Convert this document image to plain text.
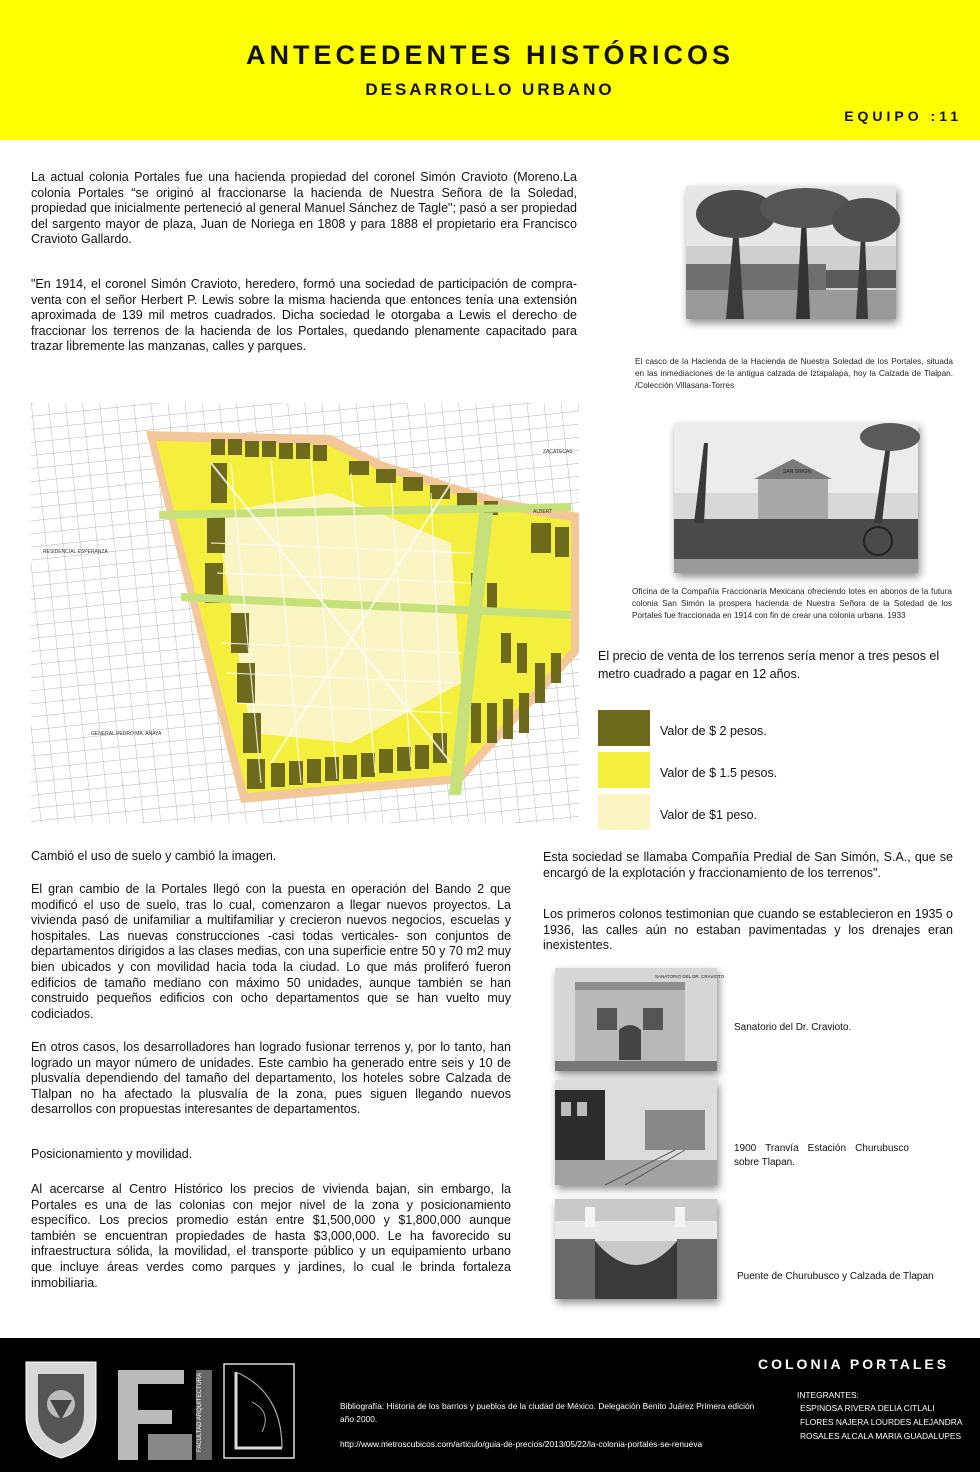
ANTECEDENTES HISTÓRICOS
DESARROLLO URBANO
EQUIPO :11
La actual colonia Portales fue una hacienda propiedad del coronel Simón Cravioto (Moreno.La colonia Portales “se originó al fraccionarse la hacienda de Nuestra Señora de la Soledad, propiedad que inicialmente perteneció al general Manuel Sánchez de Tagle"; pasó a ser propiedad del sargento mayor de plaza, Juan de Noriega en 1808 y para 1888 el propietario era Francisco Cravioto Gallardo.
"En 1914, el coronel Simón Cravioto, heredero, formó una sociedad de participación de compra-venta con el señor Herbert P. Lewis sobre la misma hacienda que entonces tenía una extensión aproximada de 139 mil metros cuadrados. Dicha sociedad le otorgaba a Lewis el derecho de fraccionar los terrenos de la hacienda de los Portales, quedando plenamente capacitado para trazar libremente las manzanas, calles y parques.
El casco de la Hacienda de la Hacienda de Nuestra Soledad de los Portales, situada en las inmediaciones de la antigua calzada de Iztapalapa, hoy la Calzada de Tlalpan. /Colección Villasana-Torres
SAN SIMON
Oficina de la Compañía Fraccionaria Mexicana ofreciendo lotes en abonos de la futura colonia San Simón la prospera hacienda de Nuestra Señora de la Soledad de los Portales fue fraccionada en 1914 con fin de crear una colonia urbana. 1933
ZACATECAS
ALBERT
RESIDENCIAL ESPERANZA
GENERAL PEDRO MA. ANAYA
El precio de venta de los terrenos sería menor a tres pesos el metro cuadrado a pagar en 12 años.
Valor de $ 2 pesos.
Valor de $ 1.5 pesos.
Valor de $1 peso.
Cambió el uso de suelo y cambió la imagen.
El gran cambio de la Portales llegó con la puesta en operación del Bando 2 que modificó el uso de suelo, tras lo cual, comenzaron a llegar nuevos proyectos. La vivienda pasó de unifamiliar a multifamiliar y crecieron nuevos negocios, escuelas y hospitales. Las nuevas construcciones -casi todas verticales- son conjuntos de departamentos dirigidos a las clases medias, con una superficie entre 50 y 70 m2 muy bien ubicados y con movilidad hacia toda la ciudad. Lo que más proliferó fueron edificios de tamaño mediano con máximo 50 unidades, aunque también se han construido pequeños edificios con ocho departamentos que se han vuelto muy codiciados.
En otros casos, los desarrolladores han logrado fusionar terrenos y, por lo tanto, han logrado un mayor número de unidades. Este cambio ha generado entre seis y 10 de plusvalía dependiendo del tamaño del departamento, los hoteles sobre Calzada de Tlalpan no ha afectado la plusvalía de la zona, pues siguen llegando nuevos desarrollos con propuestas interesantes de departamentos.
Posicionamiento y movilidad.
Al acercarse al Centro Histórico los precios de vivienda bajan, sin embargo, la Portales es una de las colonias con mejor nivel de la zona y posicionamiento específico. Los precios promedio están entre $1,500,000 y $1,800,000 aunque también se encuentran propiedades de hasta $3,000,000. Le ha favorecido su infraestructura sólida, la movilidad, el transporte público y un equipamiento urbano que incluye áreas verdes como parques y jardines, lo cual le brinda fortaleza inmobiliaria.
Esta sociedad se llamaba Compañía Predial de San Simón, S.A., que se encargó de la explotación y fraccionamiento de los terrenos".
Los primeros colonos testimonian que cuando se establecieron en 1935 o 1936, las calles aún no estaban pavimentadas y los drenajes eran inexistentes.
SANATORIO DEL DR. CRAVIOTO
Sanatorio del Dr. Cravioto.
1900 Tranvía Estación Churubusco sobre Tlapan.
Puente de Churubusco y Calzada de Tlapan
COLONIA PORTALES
FACULTAD ARQUITECTURA	Bibliografía: Historia de los barrios y pueblos de la ciudad de México. Delegación Benito Juárez Primera edición año 2000.
http://www.metroscubicos.com/articulo/guia-de-precios/2013/05/22/la-colonia-portales-se-renueva
INTEGRANTES:
ESPINOSA RIVERA DELIA CITLALI
FLORES NAJERA LOURDES ALEJANDRA
ROSALES ALCALA MARIA GUADALUPES
